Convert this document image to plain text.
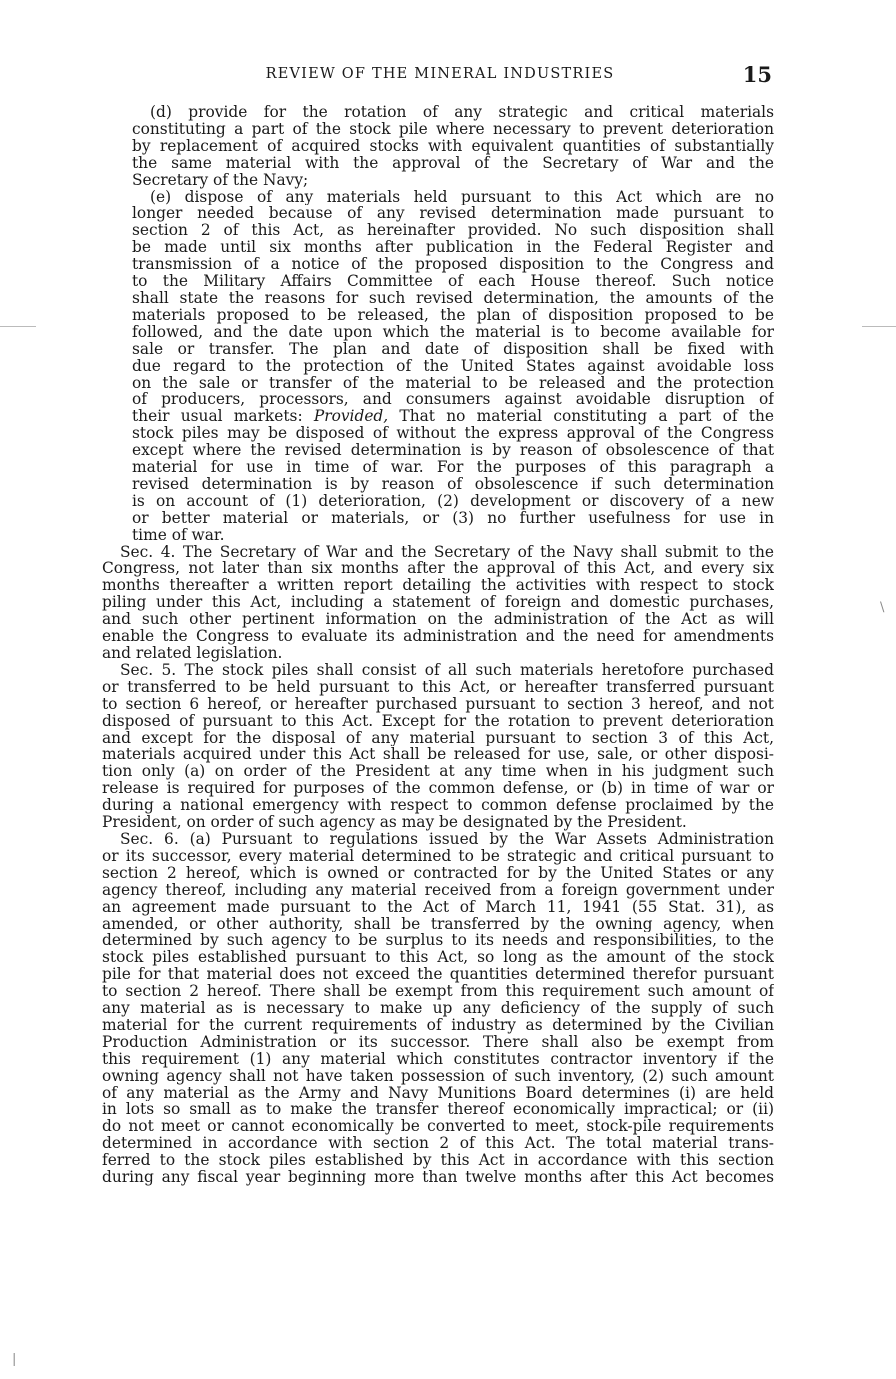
REVIEW OF THE MINERAL INDUSTRIES	15
(d) provide for the rotation of any strategic and critical materials
constituting a part of the stock pile where necessary to prevent deterioration
by replacement of acquired stocks with equivalent quantities of substantially
the same material with the approval of the Secretary of War and the
Secretary of the Navy;
(e) dispose of any materials held pursuant to this Act which are no
longer needed because of any revised determination made pursuant to
section 2 of this Act, as hereinafter provided. No such disposition shall
be made until six months after publication in the Federal Register and
transmission of a notice of the proposed disposition to the Congress and
to the Military Affairs Committee of each House thereof. Such notice
shall state the reasons for such revised determination, the amounts of the
materials proposed to be released, the plan of disposition proposed to be
followed, and the date upon which the material is to become available for
sale or transfer. The plan and date of disposition shall be fixed with
due regard to the protection of the United States against avoidable loss
on the sale or transfer of the material to be released and the protection
of producers, processors, and consumers against avoidable disruption of
their usual markets: Provided, That no material constituting a part of the
stock piles may be disposed of without the express approval of the Congress
except where the revised determination is by reason of obsolescence of that
material for use in time of war. For the purposes of this paragraph a
revised determination is by reason of obsolescence if such determination
is on account of (1) deterioration, (2) development or discovery of a new
or better material or materials, or (3) no further usefulness for use in
time of war.
Sec. 4. The Secretary of War and the Secretary of the Navy shall submit to the
Congress, not later than six months after the approval of this Act, and every six
months thereafter a written report detailing the activities with respect to stock
piling under this Act, including a statement of foreign and domestic purchases,
and such other pertinent information on the administration of the Act as will
enable the Congress to evaluate its administration and the need for amendments
and related legislation.
Sec. 5. The stock piles shall consist of all such materials heretofore purchased
or transferred to be held pursuant to this Act, or hereafter transferred pursuant
to section 6 hereof, or hereafter purchased pursuant to section 3 hereof, and not
disposed of pursuant to this Act. Except for the rotation to prevent deterioration
and except for the disposal of any material pursuant to section 3 of this Act,
materials acquired under this Act shall be released for use, sale, or other disposi-
tion only (a) on order of the President at any time when in his judgment such
release is required for purposes of the common defense, or (b) in time of war or
during a national emergency with respect to common defense proclaimed by the
President, on order of such agency as may be designated by the President.
Sec. 6. (a) Pursuant to regulations issued by the War Assets Administration
or its successor, every material determined to be strategic and critical pursuant to
section 2 hereof, which is owned or contracted for by the United States or any
agency thereof, including any material received from a foreign government under
an agreement made pursuant to the Act of March 11, 1941 (55 Stat. 31), as
amended, or other authority, shall be transferred by the owning agency, when
determined by such agency to be surplus to its needs and responsibilities, to the
stock piles established pursuant to this Act, so long as the amount of the stock
pile for that material does not exceed the quantities determined therefor pursuant
to section 2 hereof. There shall be exempt from this requirement such amount of
any material as is necessary to make up any deficiency of the supply of such
material for the current requirements of industry as determined by the Civilian
Production Administration or its successor. There shall also be exempt from
this requirement (1) any material which constitutes contractor inventory if the
owning agency shall not have taken possession of such inventory, (2) such amount
of any material as the Army and Navy Munitions Board determines (i) are held
in lots so small as to make the transfer thereof economically impractical; or (ii)
do not meet or cannot economically be converted to meet, stock-pile requirements
determined in accordance with section 2 of this Act. The total material trans-
ferred to the stock piles established by this Act in accordance with this section
during any fiscal year beginning more than twelve months after this Act becomes
\
|
